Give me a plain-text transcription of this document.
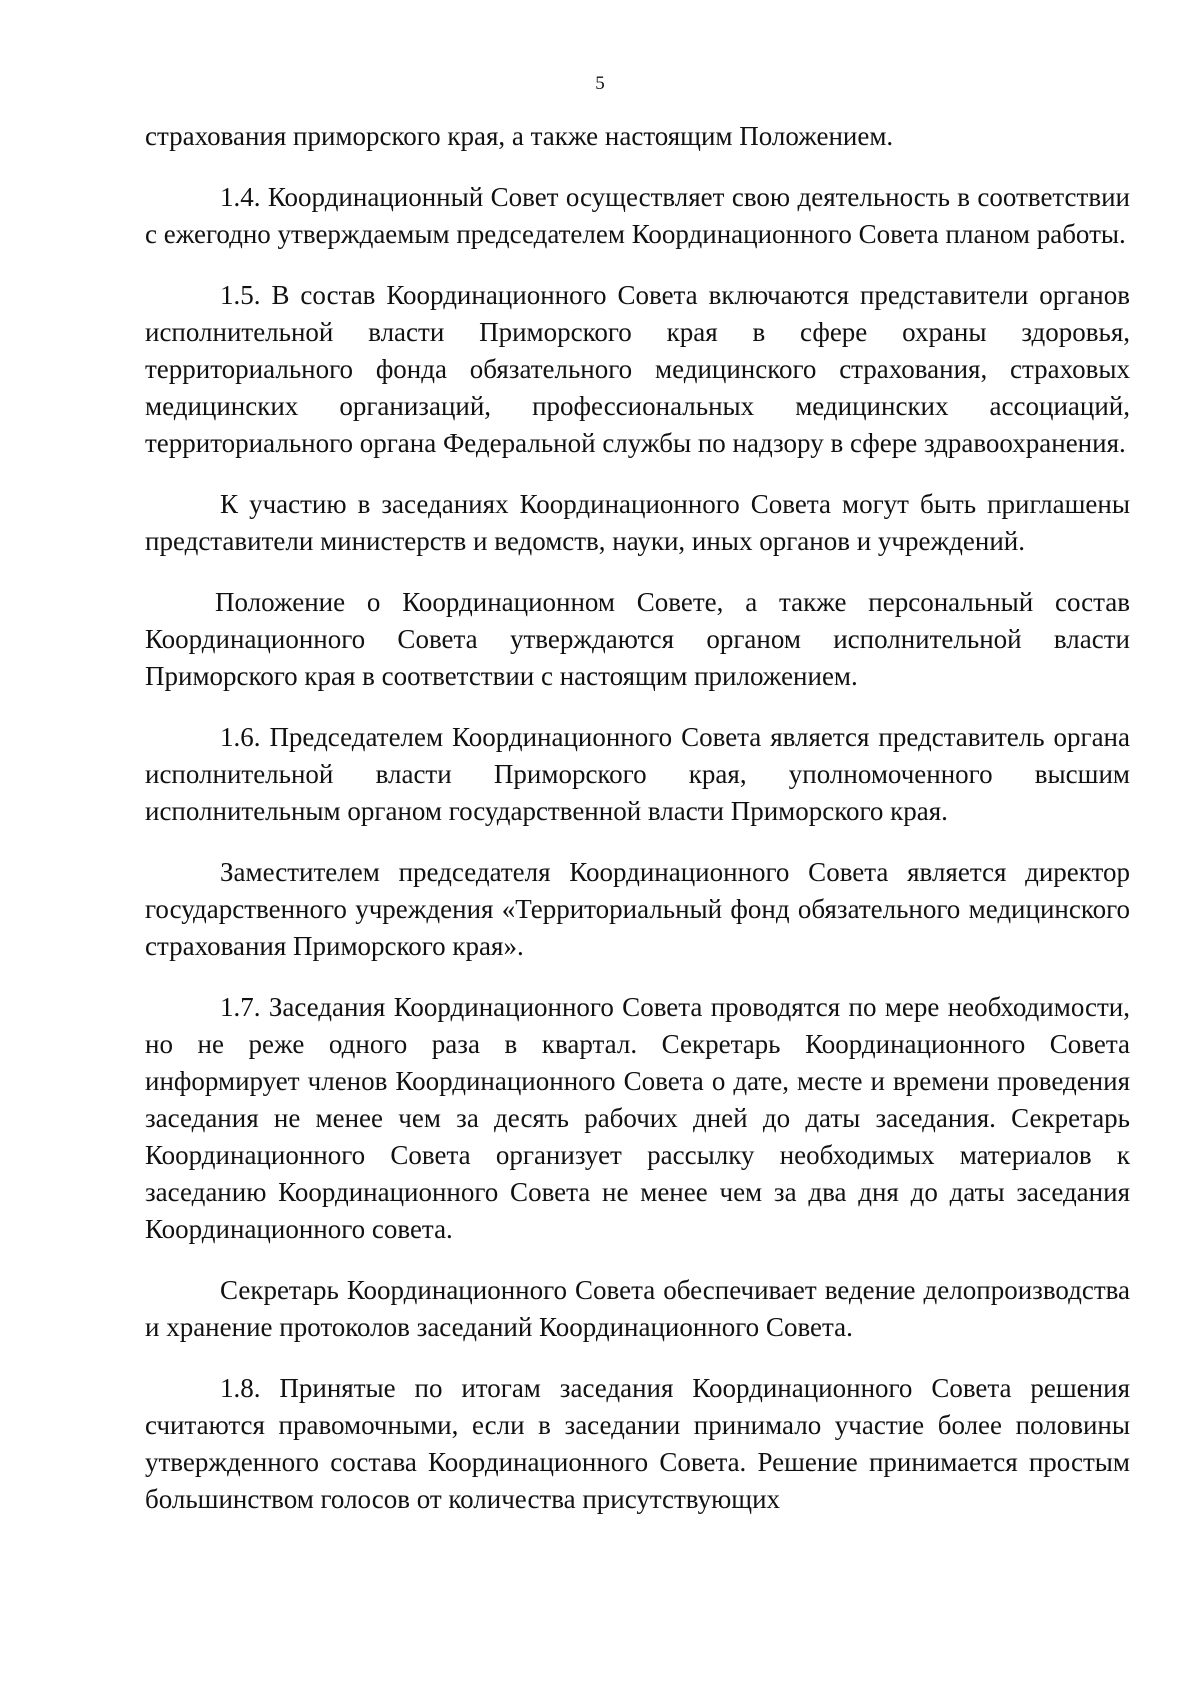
5

страхования приморского края, а также настоящим Положением.

1.4. Координационный Совет осуществляет свою деятельность в соответствии с ежегодно утверждаемым председателем Координационного Совета планом работы.

1.5. В состав Координационного Совета включаются представители органов исполнительной власти Приморского края в сфере охраны здоровья, территориального фонда обязательного медицинского страхования, страховых медицинских организаций, профессиональных медицинских ассоциаций, территориального органа Федеральной службы по надзору в сфере здравоохранения.

К участию в заседаниях Координационного Совета могут быть приглашены представители министерств и ведомств, науки, иных органов и учреждений.

Положение о Координационном Совете, а также персональный состав Координационного Совета утверждаются органом исполнительной власти Приморского края в соответствии с настоящим приложением.

1.6. Председателем Координационного Совета является представитель органа исполнительной власти Приморского края, уполномоченного высшим исполнительным органом государственной власти Приморского края.

Заместителем председателя Координационного Совета является директор государственного учреждения «Территориальный фонд обязательного медицинского страхования Приморского края».

1.7. Заседания Координационного Совета проводятся по мере необходимости, но не реже одного раза в квартал. Секретарь Координационного Совета информирует членов Координационного Совета о дате, месте и времени проведения заседания не менее чем за десять рабочих дней до даты заседания. Секретарь Координационного Совета организует рассылку необходимых материалов к заседанию Координационного Совета не менее чем за два дня до даты заседания Координационного совета.

Секретарь Координационного Совета обеспечивает ведение делопроизводства и хранение протоколов заседаний Координационного Совета.

1.8. Принятые по итогам заседания Координационного Совета решения считаются правомочными, если в заседании принимало участие более половины утвержденного состава Координационного Совета. Решение принимается простым большинством голосов от количества присутствующих
